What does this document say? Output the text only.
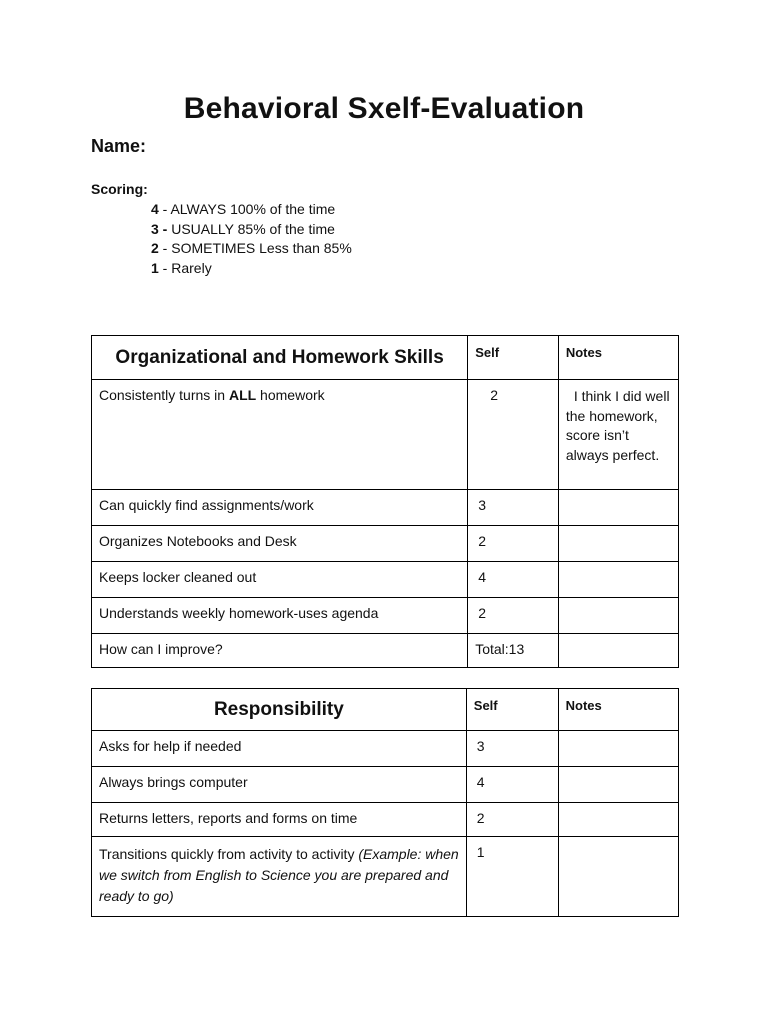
Behavioral Sxelf-Evaluation
Name:
Scoring:
4 - ALWAYS 100% of the time
3 - USUALLY 85% of the time
2 - SOMETIMES Less than 85%
1 - Rarely
Organizational and Homework Skills	Self	Notes
Consistently turns in ALL homework	2	I think I did well the homework, score isn’t always perfect.
Can quickly find assignments/work	3	
Organizes Notebooks and Desk	2	
Keeps locker cleaned out	4	
Understands weekly homework-uses agenda	2	
How can I improve?	Total:13	
Responsibility	Self	Notes
Asks for help if needed	3	
Always brings computer	4	
Returns letters, reports and forms on time	2	
Transitions quickly from activity to activity (Example: when we switch from English to Science you are prepared and ready to go)	1	
